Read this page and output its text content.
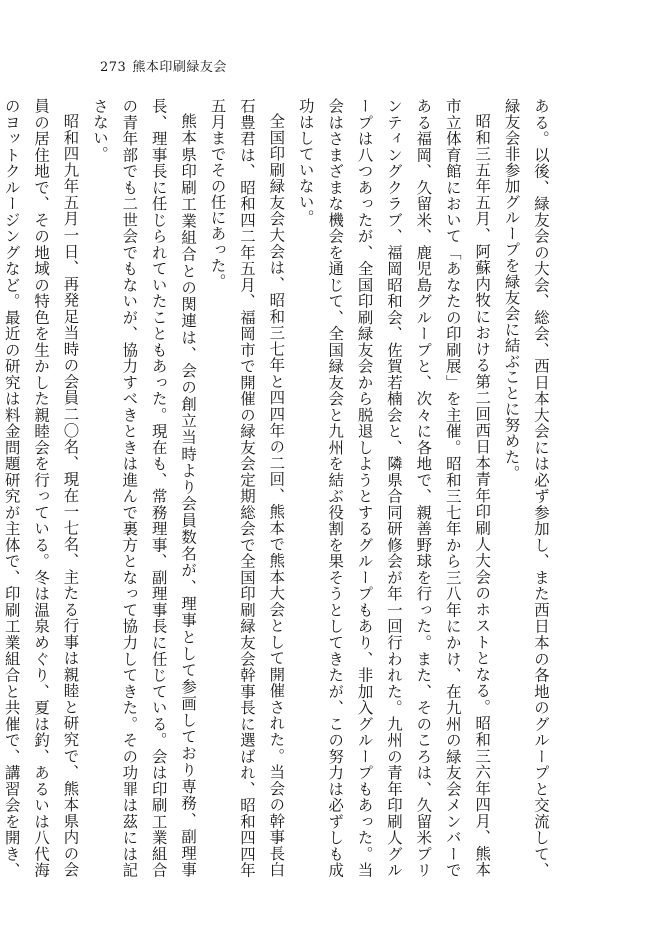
273 熊本印刷緑友会

ある。以後、緑友会の大会、総会、西日本大会には必ず参加し、また西日本の各地のグループと交流して、緑友会非参加グループを緑友会に結ぶことに努めた。

昭和三五年五月、阿蘇内牧における第二回西日本青年印刷人大会のホストとなる。昭和三六年四月、熊本市立体育館において「あなたの印刷展」を主催。昭和三七年から三八年にかけ、在九州の緑友会メンバーである福岡、久留米、鹿児島グループと、次々に各地で、親善野球を行った。また、そのころは、久留米プリンティングクラブ、福岡昭和会、佐賀若楠会と、隣県合同研修会が年一回行われた。九州の青年印刷人グループは八つあったが、全国印刷緑友会から脱退しようとするグループもあり、非加入グループもあった。当会はさまざまな機会を通じて、全国緑友会と九州を結ぶ役割を果そうとしてきたが、この努力は必ずしも成功はしていない。

全国印刷緑友会大会は、昭和三七年と四四年の二回、熊本で熊本大会として開催された。当会の幹事長白石豊君は、昭和四二年五月、福岡市で開催の緑友会定期総会で全国印刷緑友会幹事長に選ばれ、昭和四四年五月までその任にあった。

熊本県印刷工業組合との関連は、会の創立当時より会員数名が、理事として参画しており専務、副理事長、理事長に任じられていたこともあった。現在も、常務理事、副理事長に任じている。会は印刷工業組合の青年部でも二世会でもないが、協力すべきときは進んで裏方となって協力してきた。その功罪は茲には記さない。

昭和四九年五月一日、再発足当時の会員二〇名、現在一七名、主たる行事は親睦と研究で、熊本県内の会員の居住地で、その地域の特色を生かした親睦会を行っている。冬は温泉めぐり、夏は釣、あるいは八代海のヨットクルージングなど。最近の研究は料金問題研究が主体で、印刷工業組合と共催で、講習会を開き、
